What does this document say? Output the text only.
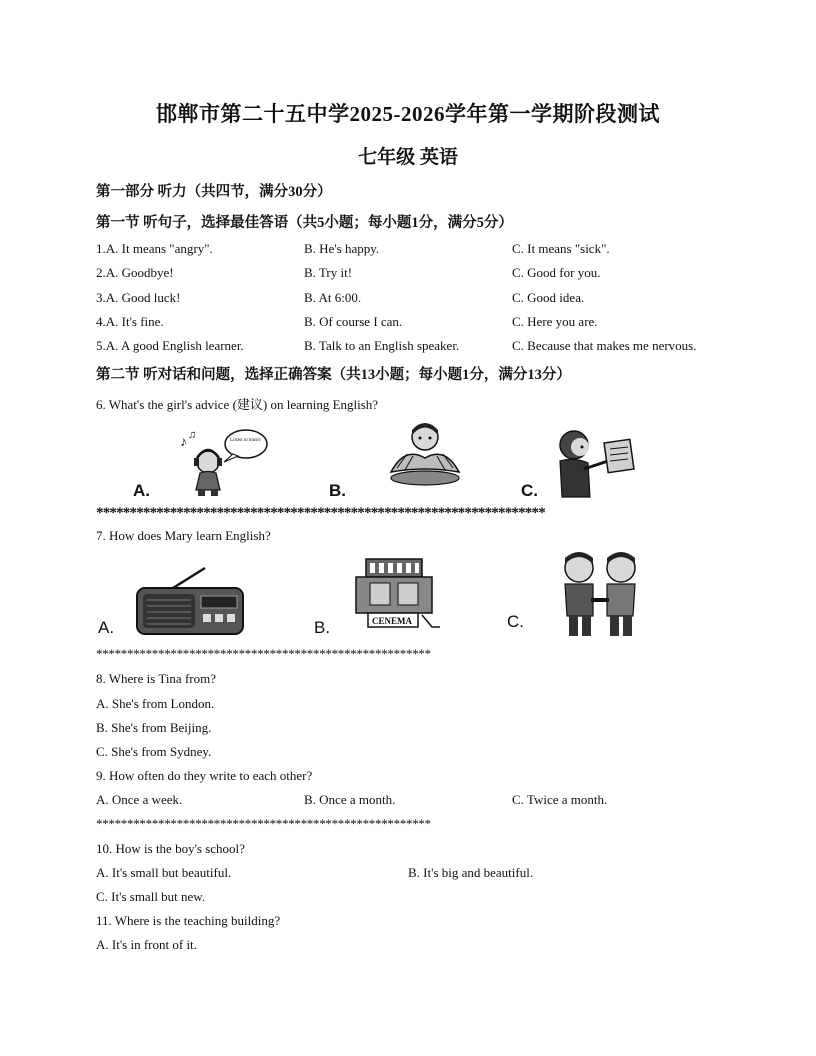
邯郸市第二十五中学2025-2026学年第一学期阶段测试
七年级 英语
第一部分 听力（共四节，满分30分）
第一节 听句子，选择最佳答语（共5小题；每小题1分，满分5分）
1.A. It means "angry".	B. He's happy.	C. It means "sick".
2.A. Goodbye!	B. Try it!	C. Good for you.
3.A. Good luck!	B. At 6:00.	C. Good idea.
4.A. It's fine.	B. Of course I can.	C. Here you are.
5.A. A good English learner.	B. Talk to an English speaker.	C. Because that makes me nervous.
第二节 听对话和问题，选择正确答案（共13小题；每小题1分，满分13分）
6. What's the girl's advice (建议) on learning English?
A.
♪ ♫	Listen to music
B.	C.
*******************************************************************
7. How does Mary learn English?
A.	B.	CENEMA	C.
******************************************************
8. Where is Tina from?
A. She's from London.
B. She's from Beijing.
C. She's from Sydney.
9. How often do they write to each other?
A. Once a week.	B. Once a month.	C. Twice a month.
******************************************************
10. How is the boy's school?
A. It's small but beautiful.	B. It's big and beautiful.
C. It's small but new.
11. Where is the teaching building?
A. It's in front of it.
